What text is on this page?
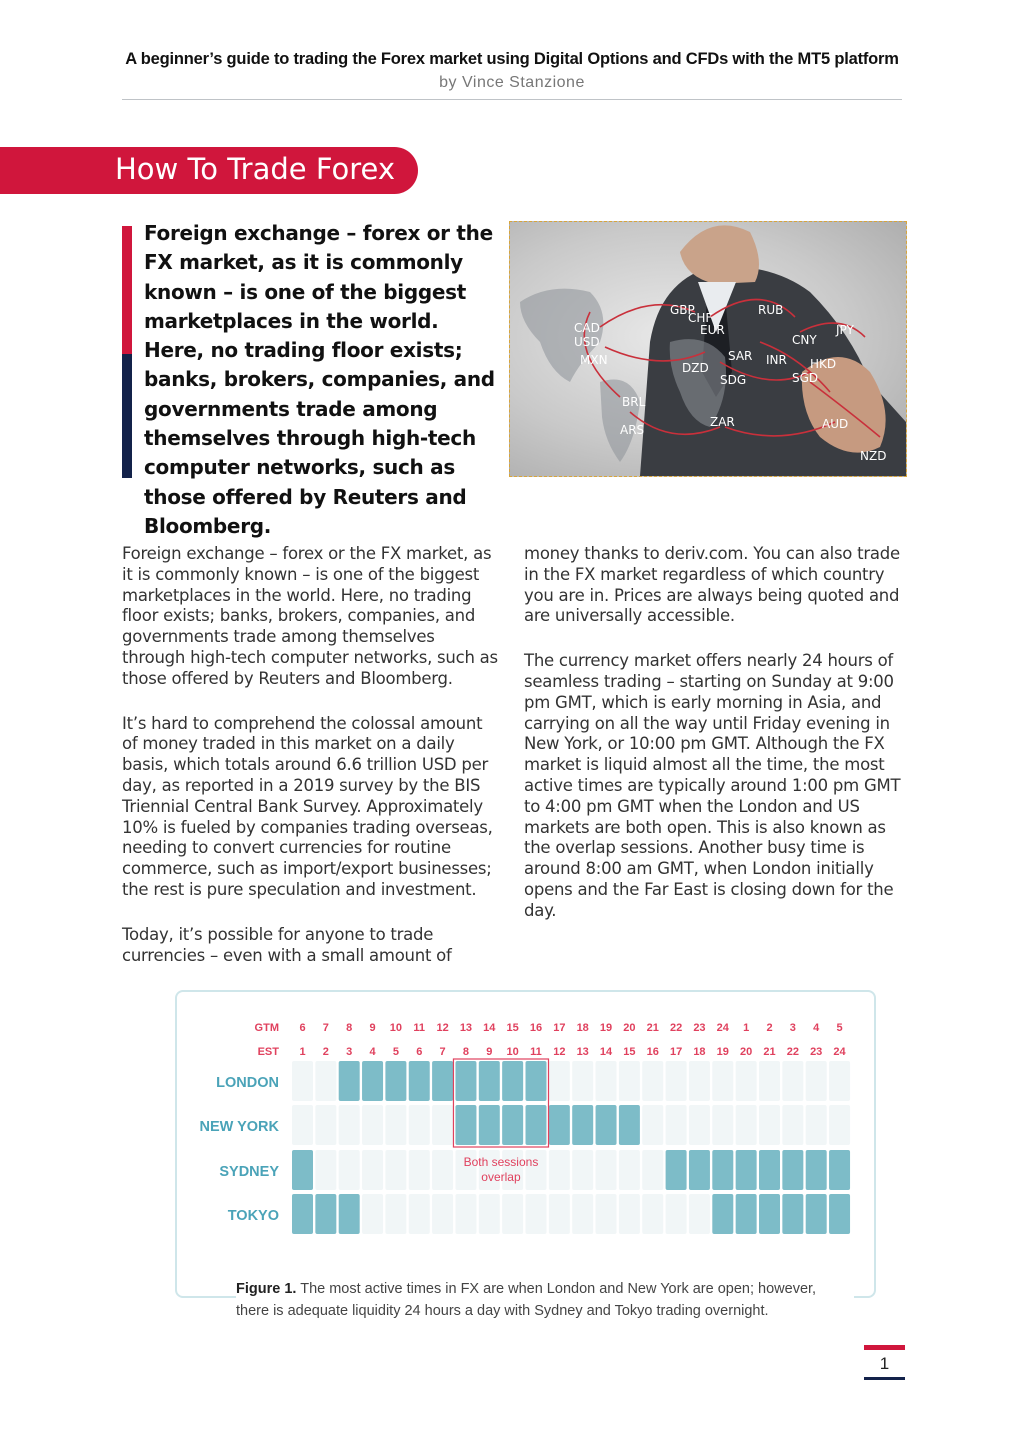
A beginner’s guide to trading the Forex market using Digital Options and CFDs with the MT5 platform
by Vince Stanzione
How To Trade Forex
Foreign exchange – forex or the FX market, as it is commonly known – is one of the biggest marketplaces in the world. Here, no trading floor exists; banks, brokers, companies, and governments trade among themselves through high-tech computer networks, such as those offered by Reuters and Bloomberg.
GBP
CHF
EUR
RUB
CAD
USD
MXN
DZD
SAR INR
CNY
JPY
HKD
SGD
SDG
BRL
ARS
ZAR	AUD
NZD

Foreign exchange – forex or the FX market, as it is commonly known – is one of the biggest marketplaces in the world. Here, no trading floor exists; banks, brokers, companies, and governments trade among themselves through high-tech computer networks, such as those offered by Reuters and Bloomberg.

It’s hard to comprehend the colossal amount of money traded in this market on a daily basis, which totals around 6.6 trillion USD per day, as reported in a 2019 survey by the BIS Triennial Central Bank Survey. Approximately 10% is fueled by companies trading overseas, needing to convert currencies for routine commerce, such as import/export businesses; the rest is pure speculation and investment.

Today, it’s possible for anyone to trade currencies – even with a small amount of

money thanks to deriv.com. You can also trade in the FX market regardless of which country you are in. Prices are always being quoted and are universally accessible.

The currency market offers nearly 24 hours of seamless trading – starting on Sunday at 9:00 pm GMT, which is early morning in Asia, and carrying on all the way until Friday evening in New York, or 10:00 pm GMT. Although the FX market is liquid almost all the time, the most active times are typically around 1:00 pm GMT to 4:00 pm GMT when the London and US markets are both open. This is also known as the overlap sessions. Another busy time is around 8:00 am GMT, when London initially opens and the Far East is closing down for the day.

GTM
EST
6 7 8 9 10 11 12 13 14 15 16 17 18 19 20 21 22 23 24 1 2 3 4 5
1 2 3 4 5 6 7 8 9 10 11 12 13 14 15 16 17 18 19 20 21 22 23 24
LONDON
NEW YORK
SYDNEY
TOKYO
Both sessions
overlap
Figure 1. The most active times in FX are when London and New York are open; however, there is adequate liquidity 24 hours a day with Sydney and Tokyo trading overnight.
1
